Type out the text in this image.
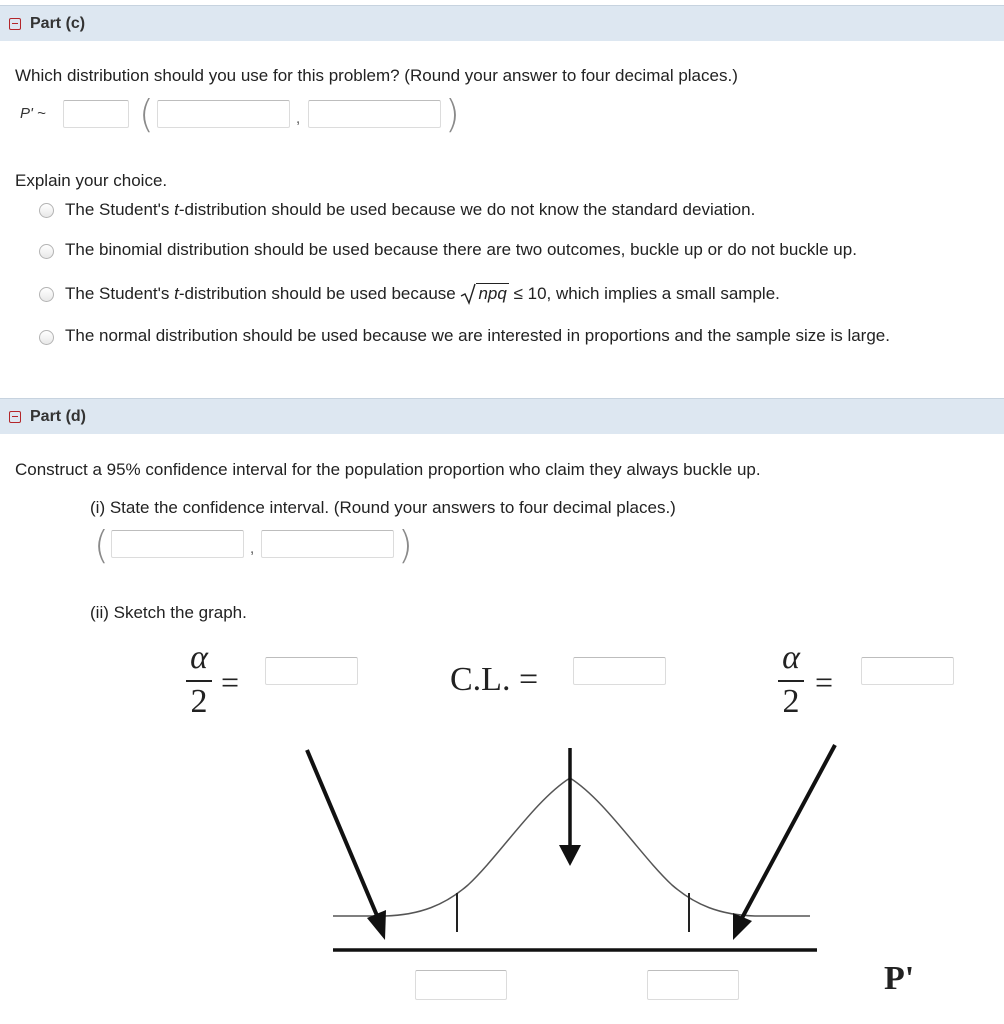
Part (c)
Which distribution should you use for this problem? (Round your answer to four decimal places.)
P' ~ (	,	)
Explain your choice.
The Student's t-distribution should be used because we do not know the standard deviation.
The binomial distribution should be used because there are two outcomes, buckle up or do not buckle up.
The Student's t-distribution should be used because npq ≤ 10, which implies a small sample.
The normal distribution should be used because we are interested in proportions and the sample size is large.
Part (d)
Construct a 95% confidence interval for the population proportion who claim they always buckle up.
(i) State the confidence interval. (Round your answers to four decimal places.)
(	,	)
(ii) Sketch the graph.
α
2
=	C.L. =
α
2
=
P'
